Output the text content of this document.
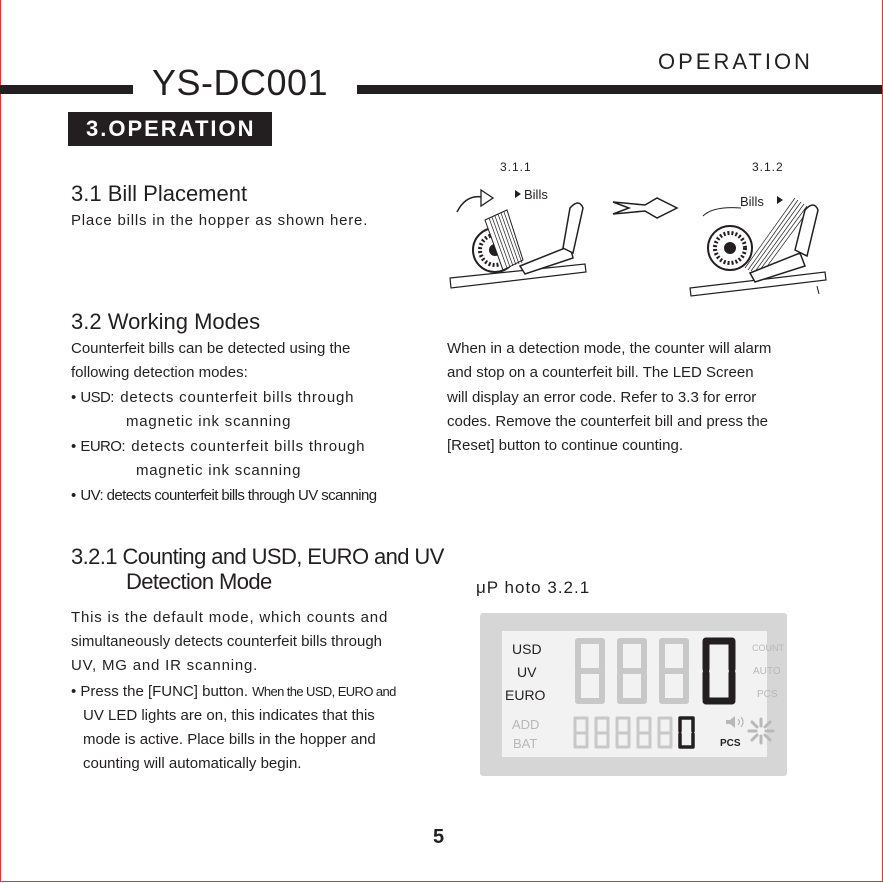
YS-DC001
OPERATION
3.OPERATION
3.1 Bill Placement
Place bills in the hopper as shown here.
3.1.1	3.1.2
Bills	Bills
3.2 Working Modes
Counterfeit bills can be detected using the
following detection modes:
• USD: detects counterfeit bills through
magnetic ink scanning
• EURO: detects counterfeit bills through
magnetic ink scanning
• UV: detects counterfeit bills through UV scanning
When in a detection mode, the counter will alarm
and stop on a counterfeit bill. The LED Screen
will display an error code. Refer to 3.3 for error
codes. Remove the counterfeit bill and press the
[Reset] button to continue counting.
3.2.1 Counting and USD, EURO and UV
Detection Mode
This is the default mode, which counts and
simultaneously detects counterfeit bills through
UV, MG and IR scanning.
• Press the [FUNC] button. When the USD, EURO and
UV LED lights are on, this indicates that this
mode is active. Place bills in the hopper and
counting will automatically begin.
μP hoto 3.2.1
USD
UV
EURO
ADD
BAT
0
COUNT
AUTO
PCS
0
PCS
5
